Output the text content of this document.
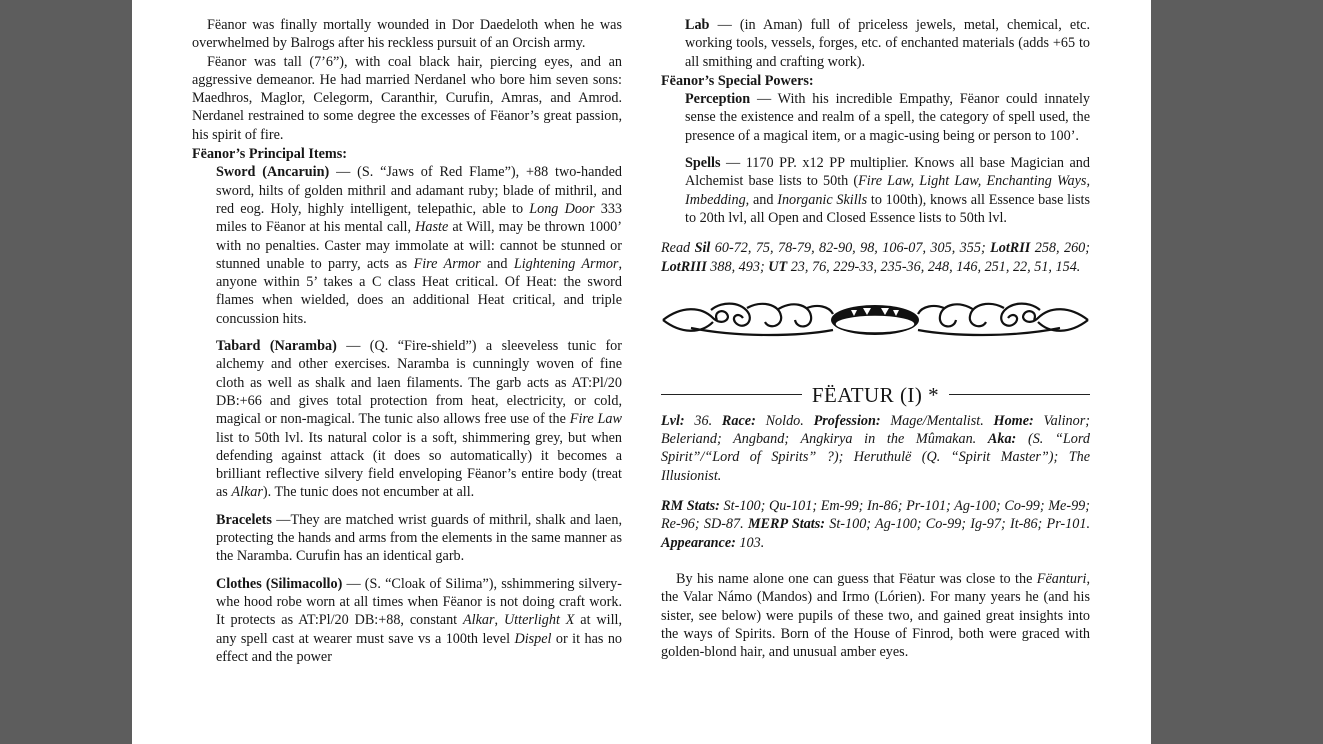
Fëanor was finally mortally wounded in Dor Daedeloth when he was overwhelmed by Balrogs after his reckless pursuit of an Orcish army.

Fëanor was tall (7’6”), with coal black hair, piercing eyes, and an aggressive demeanor. He had married Nerdanel who bore him seven sons: Maedhros, Maglor, Celegorm, Caranthir, Curufin, Amras, and Amrod. Nerdanel restrained to some degree the excesses of Fëanor’s great passion, his spirit of fire.

Fëanor’s Principal Items:

Sword (Ancaruin) — (S. “Jaws of Red Flame”), +88 two-handed sword, hilts of golden mithril and adamant ruby; blade of mithril, and red eog. Holy, highly intelligent, telepathic, able to Long Door 333 miles to Fëanor at his mental call, Haste at Will, may be thrown 1000’ with no penalties. Caster may immolate at will: cannot be stunned or stunned unable to parry, acts as Fire Armor and Lightening Armor, anyone within 5’ takes a C class Heat critical. Of Heat: the sword flames when wielded, does an additional Heat critical, and triple concussion hits.

Tabard (Naramba) — (Q. “Fire-shield”) a sleeveless tunic for alchemy and other exercises. Naramba is cunningly woven of fine cloth as well as shalk and laen filaments. The garb acts as AT:Pl/20 DB:+66 and gives total protection from heat, electricity, or cold, magical or non-magical. The tunic also allows free use of the Fire Law list to 50th lvl. Its natural color is a soft, shimmering grey, but when defending against attack (it does so automatically) it becomes a brilliant reflective silvery field enveloping Fëanor’s entire body (treat as Alkar). The tunic does not encumber at all.

Bracelets —They are matched wrist guards of mithril, shalk and laen, protecting the hands and arms from the elements in the same manner as the Naramba. Curufin has an identical garb.

Clothes (Silimacollo) — (S. “Cloak of Silima”), sshimmering silvery-whe hood robe worn at all times when Fëanor is not doing craft work. It protects as AT:Pl/20 DB:+88, constant Alkar, Utterlight X at will, any spell cast at wearer must save vs a 100th level Dispel or it has no effect and the power

Lab — (in Aman) full of priceless jewels, metal, chemical, etc. working tools, vessels, forges, etc. of enchanted materials (adds +65 to all smithing and crafting work).

Fëanor’s Special Powers:

Perception — With his incredible Empathy, Fëanor could innately sense the existence and realm of a spell, the category of spell used, the presence of a magical item, or a magic-using being or person to 100’.

Spells — 1170 PP. x12 PP multiplier. Knows all base Magician and Alchemist base lists to 50th (Fire Law, Light Law, Enchanting Ways, Imbedding, and Inorganic Skills to 100th), knows all Essence base lists to 20th lvl, all Open and Closed Essence lists to 50th lvl.

Read Sil 60-72, 75, 78-79, 82-90, 98, 106-07, 305, 355; LotRII 258, 260; LotRIII 388, 493; UT 23, 76, 229-33, 235-36, 248, 146, 251, 22, 51, 154.

FËATUR (I) *

Lvl: 36. Race: Noldo. Profession: Mage/Mentalist. Home: Valinor; Beleriand; Angband; Angkirya in the Mûmakan. Aka: (S. “Lord Spirit”/“Lord of Spirits” ?); Heruthulë (Q. “Spirit Master”); The Illusionist.

RM Stats: St-100; Qu-101; Em-99; In-86; Pr-101; Ag-100; Co-99; Me-99; Re-96; SD-87. MERP Stats: St-100; Ag-100; Co-99; Ig-97; It-86; Pr-101. Appearance: 103.

By his name alone one can guess that Fëatur was close to the Fëanturi, the Valar Námo (Mandos) and Irmo (Lórien). For many years he (and his sister, see below) were pupils of these two, and gained great insights into the ways of Spirits. Born of the House of Finrod, both were graced with golden-blond hair, and unusual amber eyes.
